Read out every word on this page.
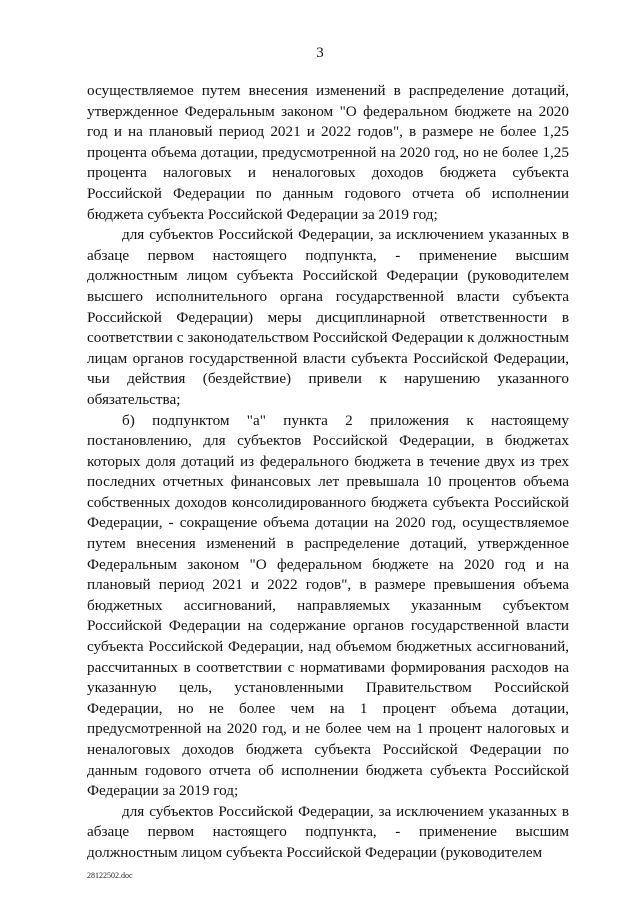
3

осуществляемое путем внесения изменений в распределение дотаций, утвержденное Федеральным законом "О федеральном бюджете на 2020 год и на плановый период 2021 и 2022 годов", в размере не более 1,25 процента объема дотации, предусмотренной на 2020 год, но не более 1,25 процента налоговых и неналоговых доходов бюджета субъекта Российской Федерации по данным годового отчета об исполнении бюджета субъекта Российской Федерации за 2019 год;

для субъектов Российской Федерации, за исключением указанных в абзаце первом настоящего подпункта, - применение высшим должностным лицом субъекта Российской Федерации (руководителем высшего исполнительного органа государственной власти субъекта Российской Федерации) меры дисциплинарной ответственности в соответствии с законодательством Российской Федерации к должностным лицам органов государственной власти субъекта Российской Федерации, чьи действия (бездействие) привели к нарушению указанного обязательства;

б) подпунктом "а" пункта 2 приложения к настоящему постановлению, для субъектов Российской Федерации, в бюджетах которых доля дотаций из федерального бюджета в течение двух из трех последних отчетных финансовых лет превышала 10 процентов объема собственных доходов консолидированного бюджета субъекта Российской Федерации, - сокращение объема дотации на 2020 год, осуществляемое путем внесения изменений в распределение дотаций, утвержденное Федеральным законом "О федеральном бюджете на 2020 год и на плановый период 2021 и 2022 годов", в размере превышения объема бюджетных ассигнований, направляемых указанным субъектом Российской Федерации на содержание органов государственной власти субъекта Российской Федерации, над объемом бюджетных ассигнований, рассчитанных в соответствии с нормативами формирования расходов на указанную цель, установленными Правительством Российской Федерации, но не более чем на 1 процент объема дотации, предусмотренной на 2020 год, и не более чем на 1 процент налоговых и неналоговых доходов бюджета субъекта Российской Федерации по данным годового отчета об исполнении бюджета субъекта Российской Федерации за 2019 год;

для субъектов Российской Федерации, за исключением указанных в абзаце первом настоящего подпункта, - применение высшим должностным лицом субъекта Российской Федерации (руководителем

28122502.doc
